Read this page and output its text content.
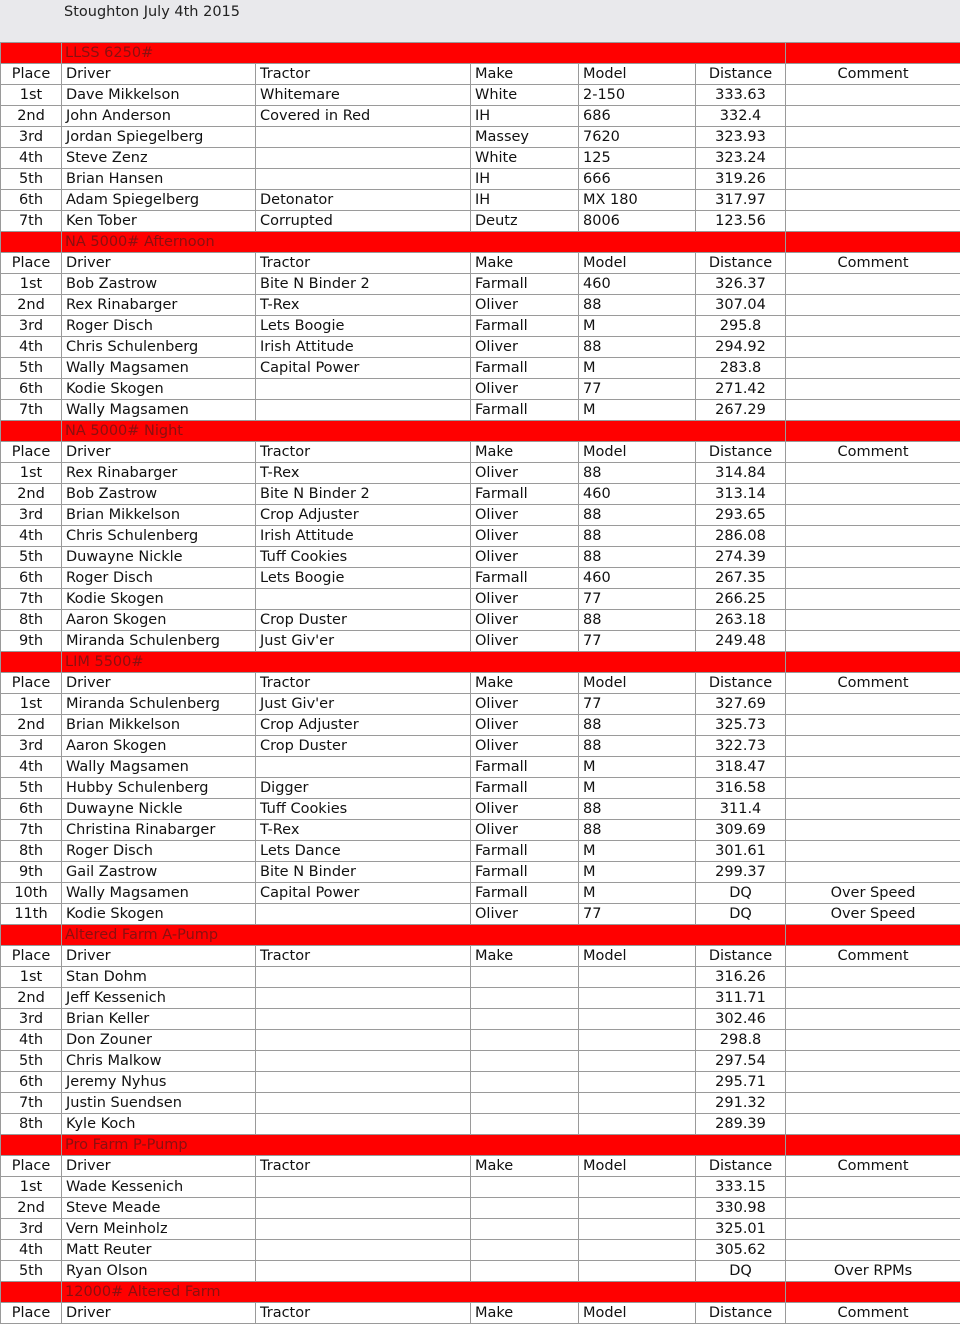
Stoughton July 4th 2015
	LLSS 6250#					
Place	Driver	Tractor	Make	Model	Distance	Comment
1st	Dave Mikkelson	Whitemare	White	2-150	333.63	
2nd	John Anderson	Covered in Red	IH	686	332.4	
3rd	Jordan Spiegelberg		Massey	7620	323.93	
4th	Steve Zenz		White	125	323.24	
5th	Brian Hansen		IH	666	319.26	
6th	Adam Spiegelberg	Detonator	IH	MX 180	317.97	
7th	Ken Tober	Corrupted	Deutz	8006	123.56	
	NA 5000# Afternoon					
Place	Driver	Tractor	Make	Model	Distance	Comment
1st	Bob Zastrow	Bite N Binder 2	Farmall	460	326.37	
2nd	Rex Rinabarger	T-Rex	Oliver	88	307.04	
3rd	Roger Disch	Lets Boogie	Farmall	M	295.8	
4th	Chris Schulenberg	Irish Attitude	Oliver	88	294.92	
5th	Wally Magsamen	Capital Power	Farmall	M	283.8	
6th	Kodie Skogen		Oliver	77	271.42	
7th	Wally Magsamen		Farmall	M	267.29	
	NA 5000# Night					
Place	Driver	Tractor	Make	Model	Distance	Comment
1st	Rex Rinabarger	T-Rex	Oliver	88	314.84	
2nd	Bob Zastrow	Bite N Binder 2	Farmall	460	313.14	
3rd	Brian Mikkelson	Crop Adjuster	Oliver	88	293.65	
4th	Chris Schulenberg	Irish Attitude	Oliver	88	286.08	
5th	Duwayne Nickle	Tuff Cookies	Oliver	88	274.39	
6th	Roger Disch	Lets Boogie	Farmall	460	267.35	
7th	Kodie Skogen		Oliver	77	266.25	
8th	Aaron Skogen	Crop Duster	Oliver	88	263.18	
9th	Miranda Schulenberg	Just Giv'er	Oliver	77	249.48	
	LIM 5500#					
Place	Driver	Tractor	Make	Model	Distance	Comment
1st	Miranda Schulenberg	Just Giv'er	Oliver	77	327.69	
2nd	Brian Mikkelson	Crop Adjuster	Oliver	88	325.73	
3rd	Aaron Skogen	Crop Duster	Oliver	88	322.73	
4th	Wally Magsamen		Farmall	M	318.47	
5th	Hubby Schulenberg	Digger	Farmall	M	316.58	
6th	Duwayne Nickle	Tuff Cookies	Oliver	88	311.4	
7th	Christina Rinabarger	T-Rex	Oliver	88	309.69	
8th	Roger Disch	Lets Dance	Farmall	M	301.61	
9th	Gail Zastrow	Bite N Binder	Farmall	M	299.37	
10th	Wally Magsamen	Capital Power	Farmall	M	DQ	Over Speed
11th	Kodie Skogen		Oliver	77	DQ	Over Speed
	Altered Farm A-Pump					
Place	Driver	Tractor	Make	Model	Distance	Comment
1st	Stan Dohm				316.26	
2nd	Jeff Kessenich				311.71	
3rd	Brian Keller				302.46	
4th	Don Zouner				298.8	
5th	Chris Malkow				297.54	
6th	Jeremy Nyhus				295.71	
7th	Justin Suendsen				291.32	
8th	Kyle Koch				289.39	
	Pro Farm P-Pump					
Place	Driver	Tractor	Make	Model	Distance	Comment
1st	Wade Kessenich				333.15	
2nd	Steve Meade				330.98	
3rd	Vern Meinholz				325.01	
4th	Matt Reuter				305.62	
5th	Ryan Olson				DQ	Over RPMs
	12000# Altered Farm					
Place	Driver	Tractor	Make	Model	Distance	Comment
